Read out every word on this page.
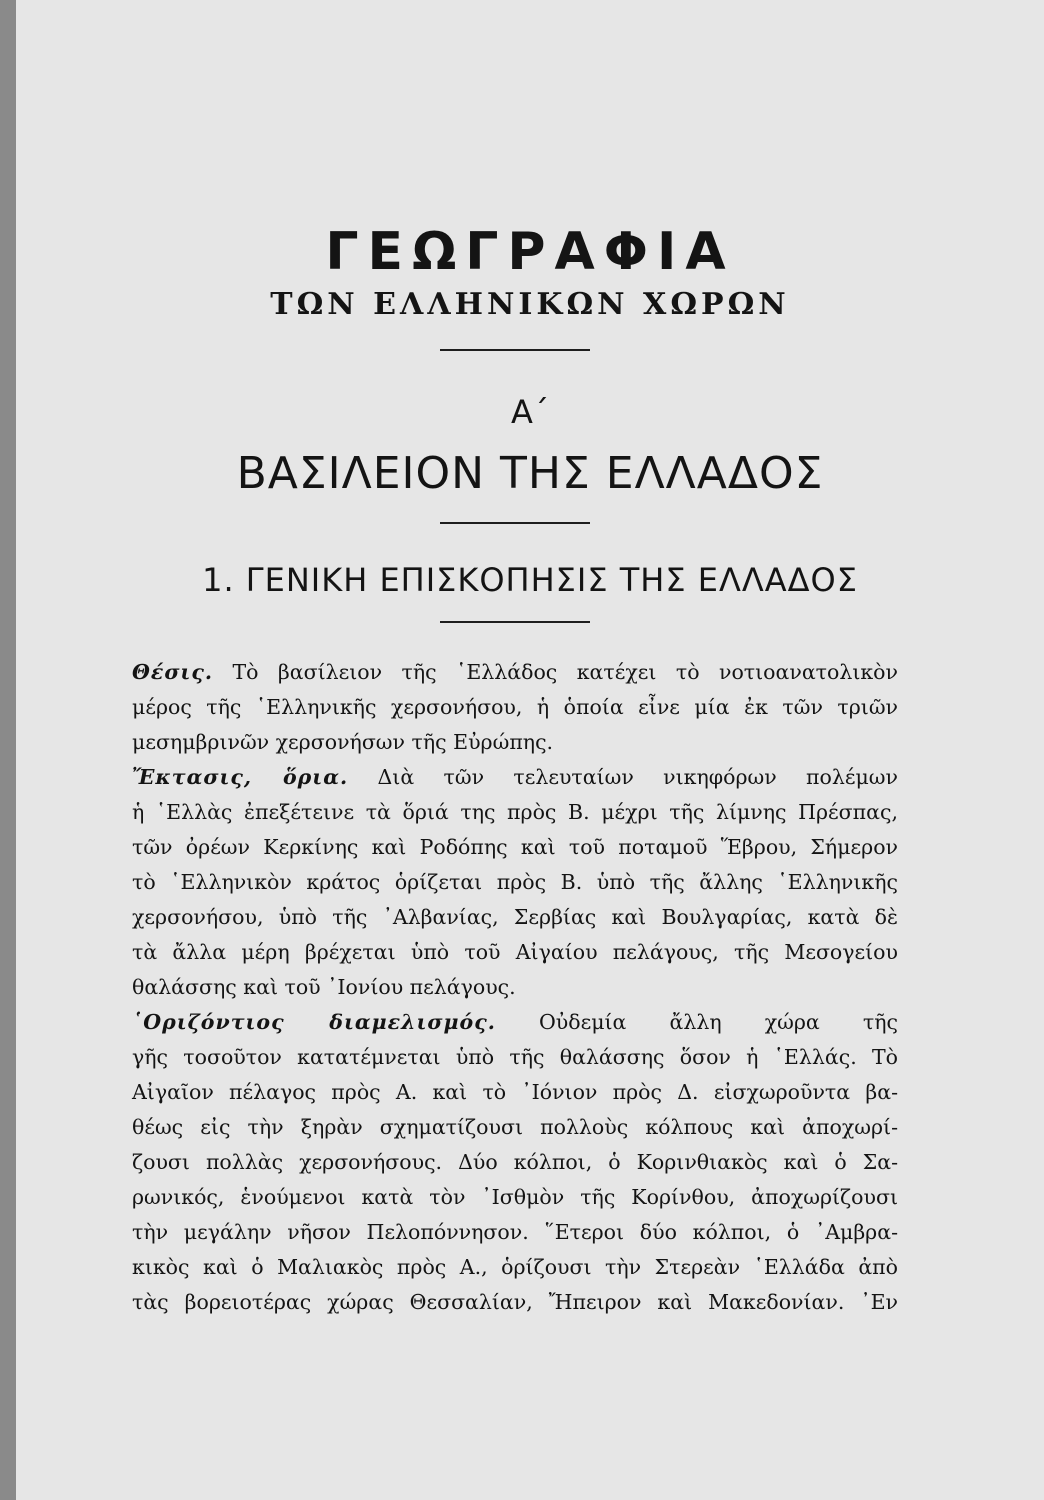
ΓΕΩΓΡΑΦΙΑ
ΤΩΝ ΕΛΛΗΝΙΚΩΝ ΧΩΡΩΝ
Α΄
ΒΑΣΙΛΕΙΟΝ ΤΗΣ ΕΛΛΑΔΟΣ
1. ΓΕΝΙΚΗ ΕΠΙΣΚΟΠΗΣΙΣ ΤΗΣ ΕΛΛΑΔΟΣ
Θέσις. Τὸ βασίλειον τῆς ῾Ελλάδος κατέχει τὸ νοτιοανατολικὸν
μέρος τῆς ῾Ελληνικῆς χερσονήσου, ἡ ὁποία εἶνε μία ἐκ τῶν τριῶν
μεσημβρινῶν χερσονήσων τῆς Εὐρώπης.
Ἔκτασις, ὅρια. Διὰ τῶν τελευταίων νικηφόρων πολέμων
ἡ ῾Ελλὰς ἐπεξέτεινε τὰ ὅριά της πρὸς Β. μέχρι τῆς λίμνης Πρέσπας,
τῶν ὀρέων Κερκίνης καὶ Ροδόπης καὶ τοῦ ποταμοῦ Ἕβρου, Σήμερον
τὸ ῾Ελληνικὸν κράτος ὁρίζεται πρὸς Β. ὑπὸ τῆς ἄλλης ῾Ελληνικῆς
χερσονήσου, ὑπὸ τῆς ᾿Αλβανίας, Σερβίας καὶ Βουλγαρίας, κατὰ δὲ
τὰ ἄλλα μέρη βρέχεται ὑπὸ τοῦ Αἰγαίου πελάγους, τῆς Μεσογείου
θαλάσσης καὶ τοῦ ᾿Ιονίου πελάγους.
῾Οριζόντιος διαμελισμός. Οὐδεμία ἄλλη χώρα τῆς
γῆς τοσοῦτον κατατέμνεται ὑπὸ τῆς θαλάσσης ὅσον ἡ ῾Ελλάς. Τὸ
Αἰγαῖον πέλαγος πρὸς Α. καὶ τὸ ᾿Ιόνιον πρὸς Δ. εἰσχωροῦντα βα-
θέως εἰς τὴν ξηρὰν σχηματίζουσι πολλοὺς κόλπους καὶ ἀποχωρί-
ζουσι πολλὰς χερσονήσους. Δύο κόλποι, ὁ Κορινθιακὸς καὶ ὁ Σα-
ρωνικός, ἑνούμενοι κατὰ τὸν ᾿Ισθμὸν τῆς Κορίνθου, ἀποχωρίζουσι
τὴν μεγάλην νῆσον Πελοπόννησον. ῞Ετεροι δύο κόλποι, ὁ ᾿Αμβρα-
κικὸς καὶ ὁ Μαλιακὸς πρὸς Α., ὁρίζουσι τὴν Στερεὰν ῾Ελλάδα ἀπὸ
τὰς βορειοτέρας χώρας Θεσσαλίαν, Ἤπειρον καὶ Μακεδονίαν. ᾿Εν
